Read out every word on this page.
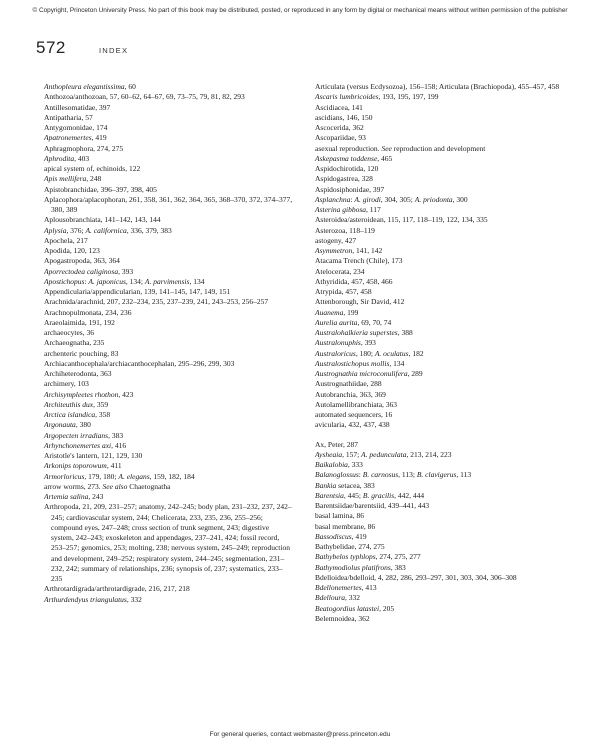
© Copyright, Princeton University Press. No part of this book may be distributed, posted, or reproduced in any form by digital or mechanical means without written permission of the publisher
572	INDEX

Anthopleura elegantissima, 60

Anthozoa/anthozoan, 57, 60–62, 64–67, 69, 73–75, 79, 81, 82, 293

Antillesomatidae, 397

Antipatharia, 57

Antygomonidae, 174

Apatronemertes, 419

Aphragmophora, 274, 275

Aphrodita, 403

apical system of, echinoids, 122

Apis mellifera, 248

Apistobranchidae, 396–397, 398, 405

Aplacophora/aplacophoran, 261, 358, 361, 362, 364, 365, 368–370, 372, 374–377, 380, 389

Aplousobranchiata, 141–142, 143, 144

Aplysia, 376; A. californica, 336, 379, 383

Apochela, 217

Apodida, 120, 123

Apogastropoda, 363, 364

Aporrectodea caliginosa, 393

Apostichopus: A. japonicus, 134; A. parvimensis, 134

Appendicularia/appendicularian, 139, 141–145, 147, 149, 151

Arachnida/arachnid, 207, 232–234, 235, 237–239, 241, 243–253, 256–257

Arachnopulmonata, 234, 236

Araeolaimida, 191, 192

archaeocytes, 36

Archaeognatha, 235

archenteric pouching, 83

Archiacanthocephala/archiacanthocephalan, 295–296, 299, 303

Archiheterodonta, 363

archimery, 103

Archisympleetes rhothon, 423

Architeuthis dux, 359

Arctica islandica, 358

Argonauta, 380

Argopecten irradians, 383

Arhynchonemertes axi, 416

Aristotle's lantern, 121, 129, 130

Arkonips toporowum, 411

Armorloricus, 179, 180; A. elegans, 159, 182, 184

arrow worms, 273. See also Chaetognatha

Artemia salina, 243

Arthropoda, 21, 209, 231–257; anatomy, 242–245; body plan, 231–232, 237, 242–245; cardiovascular system, 244; Chelicerata, 233, 235, 236, 255–256; compound eyes, 247–248; cross section of trunk segment, 243; digestive system, 242–243; exoskeleton and appendages, 237–241, 424; fossil record, 253–257; genomics, 253; molting, 238; nervous system, 245–249; reproduction and development, 249–252; respiratory system, 244–245; segmentation, 231–232, 242; summary of relationships, 236; synopsis of, 237; systematics, 233–235

Arthrotardigrada/arthrotardigrade, 216, 217, 218

Arthurdendyus triangulatus, 332

Articulata (versus Ecdysozoa), 156–158; Articulata (Brachiopoda), 455–457, 458

Ascaris lumbricoides, 193, 195, 197, 199

Ascidiacea, 141

ascidians, 146, 150

Ascocerida, 362

Ascopariidae, 93

asexual reproduction. See reproduction and development

Askepasma toddense, 465

Aspidochirotida, 120

Aspidogastrea, 328

Aspidosiphonidae, 397

Asplanchna: A. girodi, 304, 305; A. priodonta, 300

Asterina gibbosa, 117

Asteroidea/asteroidean, 115, 117, 118–119, 122, 134, 335

Asterozoa, 118–119

astogeny, 427

Asymmetron, 141, 142

Atacama Trench (Chile), 173

Atelocerata, 234

Athyridida, 457, 458, 466

Atrypida, 457, 458

Attenborough, Sir David, 412

Auanema, 199

Aurelia aurita, 69, 70, 74

Australohalkieria superstes, 388

Australonuphis, 393

Australoricus, 180; A. oculatus, 182

Australostichopus mollis, 134

Austrognathia microconulifera, 289

Austrognathiidae, 288

Autobranchia, 363, 369

Autolamellibranchiata, 363

automated sequencers, 16

avicularia, 432, 437, 438

Ax, Peter, 287

Aysheaia, 157; A. pedunculata, 213, 214, 223

Baikalobia, 333

Balanoglossus: B. carnosus, 113; B. clavigerus, 113

Bankia setacea, 383

Barentsia, 445; B. gracilis, 442, 444

Barentsiidae/barentsiid, 439–441, 443

basal lamina, 86

basal membrane, 86

Bassodiscus, 419

Bathybelidae, 274, 275

Bathybelos typhlops, 274, 275, 277

Bathymodiolus platifrons, 383

Bdelloidea/bdelloid, 4, 282, 286, 293–297, 301, 303, 304, 306–308

Bdellonemertes, 413

Bdelloura, 332

Beatogordius latastei, 205

Belemnoidea, 362

For general queries, contact webmaster@press.princeton.edu
